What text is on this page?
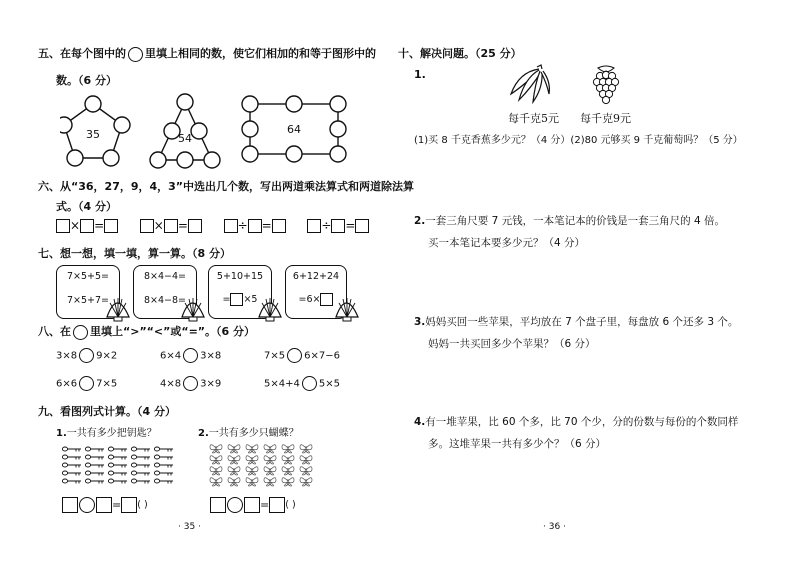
五、在每个图中的 里填上相同的数，使它们相加的和等于图形中的
数。（6 分）
35	54
64
六、从“36，27，9，4，3”中选出几个数，写出两道乘法算式和两道除法算
式。（4 分）
× =	× =	÷ =	÷ =
七、想一想，填一填，算一算。（8 分）
7×5+5=
7×5+7=
8×4−4=
8×4−8=
5+10+15
= ×5
6+12+24
=6×
八、在 里填上“>”“<”或“=”。（6 分）
3×8 9×2	6×4 3×8	7×5 6×7−6
6×6 7×5	4×8 3×9	5×4+4 5×5
九、看图列式计算。（4 分）
1.一共有多少把钥匙？	2.一共有多少只蝴蝶？
= ( )	= ( )
· 35 ·
十、解决问题。（25 分）
1.
每千克5元 每千克9元
(1)买 8 千克香蕉多少元？（4 分）(2)80 元够买 9 千克葡萄吗？（5 分）
2.一套三角尺要 7 元钱，一本笔记本的价钱是一套三角尺的 4 倍。
买一本笔记本要多少元？（4 分）
3.妈妈买回一些苹果，平均放在 7 个盘子里，每盘放 6 个还多 3 个。
妈妈一共买回多少个苹果？（6 分）
4.有一堆苹果，比 60 个多，比 70 个少，分的份数与每份的个数同样
多。这堆苹果一共有多少个？（6 分）
· 36 ·
